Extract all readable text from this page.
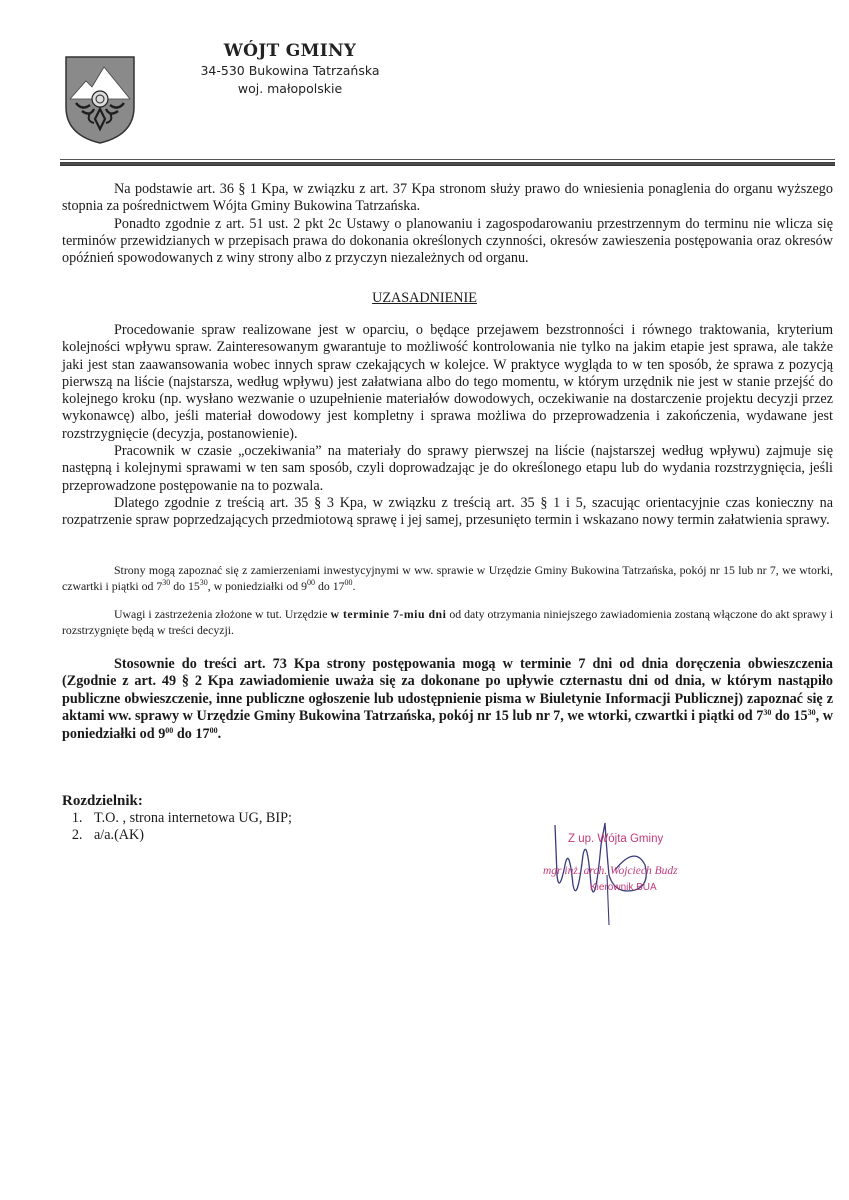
WÓJT GMINY
34-530 Bukowina Tatrzańska
woj. małopolskie

Na podstawie art. 36 § 1 Kpa, w związku z art. 37 Kpa stronom służy prawo do wniesienia ponaglenia do organu wyższego stopnia za pośrednictwem Wójta Gminy Bukowina Tatrzańska.

Ponadto zgodnie z art. 51 ust. 2 pkt 2c Ustawy o planowaniu i zagospodarowaniu przestrzennym do terminu nie wlicza się terminów przewidzianych w przepisach prawa do dokonania określonych czynności, okresów zawieszenia postępowania oraz okresów opóźnień spowodowanych z winy strony albo z przyczyn niezależnych od organu.

UZASADNIENIE

Procedowanie spraw realizowane jest w oparciu, o będące przejawem bezstronności i równego traktowania, kryterium kolejności wpływu spraw. Zainteresowanym gwarantuje to możliwość kontrolowania nie tylko na jakim etapie jest sprawa, ale także jaki jest stan zaawansowania wobec innych spraw czekających w kolejce. W praktyce wygląda to w ten sposób, że sprawa z pozycją pierwszą na liście (najstarsza, według wpływu) jest załatwiana albo do tego momentu, w którym urzędnik nie jest w stanie przejść do kolejnego kroku (np. wysłano wezwanie o uzupełnienie materiałów dowodowych, oczekiwanie na dostarczenie projektu decyzji przez wykonawcę) albo, jeśli materiał dowodowy jest kompletny i sprawa możliwa do przeprowadzenia i zakończenia, wydawane jest rozstrzygnięcie (decyzja, postanowienie).

Pracownik w czasie „oczekiwania” na materiały do sprawy pierwszej na liście (najstarszej według wpływu) zajmuje się następną i kolejnymi sprawami w ten sam sposób, czyli doprowadzając je do określonego etapu lub do wydania rozstrzygnięcia, jeśli przeprowadzone postępowanie na to pozwala.

Dlatego zgodnie z treścią art. 35 § 3 Kpa, w związku z treścią art. 35 § 1 i 5, szacując orientacyjnie czas konieczny na rozpatrzenie spraw poprzedzających przedmiotową sprawę i jej samej, przesunięto termin i wskazano nowy termin załatwienia sprawy.

Strony mogą zapoznać się z zamierzeniami inwestycyjnymi w ww. sprawie w Urzędzie Gminy Bukowina Tatrzańska, pokój nr 15 lub nr 7, we wtorki, czwartki i piątki od $7^{30}$ do $15^{30}$, w poniedziałki od $9^{00}$ do $17^{00}$.

Uwagi i zastrzeżenia złożone w tut. Urzędzie w terminie 7-miu dni od daty otrzymania niniejszego zawiadomienia zostaną włączone do akt sprawy i rozstrzygnięte będą w treści decyzji.

Stosownie do treści art. 73 Kpa strony postępowania mogą w terminie 7 dni od dnia doręczenia obwieszczenia (Zgodnie z art. 49 § 2 Kpa zawiadomienie uważa się za dokonane po upływie czternastu dni od dnia, w którym nastąpiło publiczne obwieszczenie, inne publiczne ogłoszenie lub udostępnienie pisma w Biuletynie Informacji Publicznej) zapoznać się z aktami ww. sprawy w Urzędzie Gminy Bukowina Tatrzańska, pokój nr 15 lub nr 7, we wtorki, czwartki i piątki od $7^{30}$ do $15^{30}$, w poniedziałki od $9^{00}$ do $17^{00}$.

Rozdzielnik:
1. T.O. , strona internetowa UG, BIP;
2. a/a.(AK)	Z up. Wójta Gminy
mgr inż. arch. Wojciech Budz
Kierownik BUA
